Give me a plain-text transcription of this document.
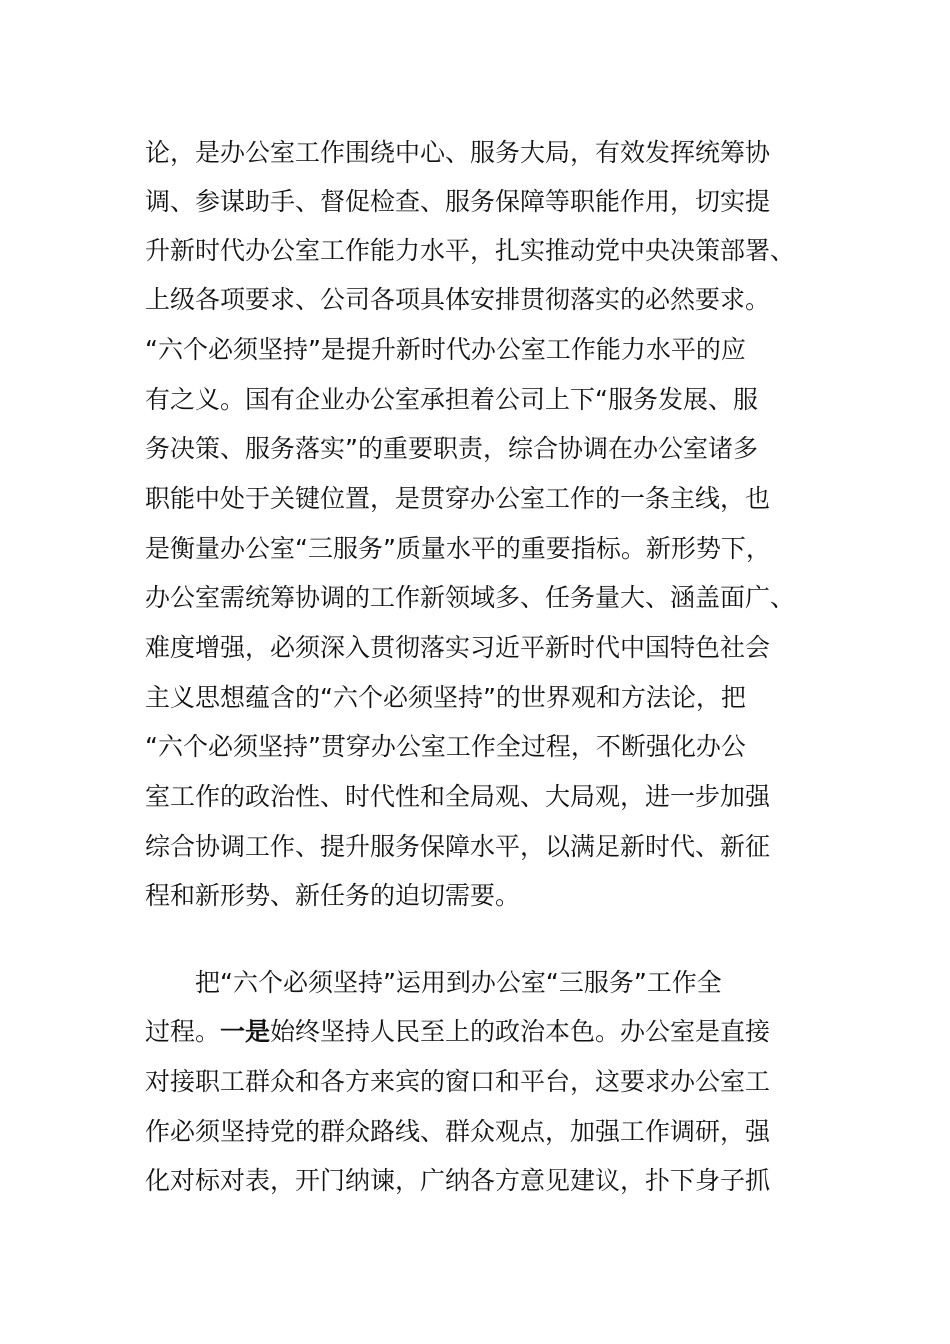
论，是办公室工作围绕中心、服务大局，有效发挥统筹协
调、参谋助手、督促检查、服务保障等职能作用，切实提
升新时代办公室工作能力水平，扎实推动党中央决策部署、
上级各项要求、公司各项具体安排贯彻落实的必然要求。
“六个必须坚持”是提升新时代办公室工作能力水平的应
有之义。国有企业办公室承担着公司上下“服务发展、服
务决策、服务落实”的重要职责，综合协调在办公室诸多
职能中处于关键位置，是贯穿办公室工作的一条主线，也
是衡量办公室“三服务”质量水平的重要指标。新形势下，
办公室需统筹协调的工作新领域多、任务量大、涵盖面广、
难度增强，必须深入贯彻落实习近平新时代中国特色社会
主义思想蕴含的“六个必须坚持”的世界观和方法论，把
“六个必须坚持”贯穿办公室工作全过程，不断强化办公
室工作的政治性、时代性和全局观、大局观，进一步加强
综合协调工作、提升服务保障水平，以满足新时代、新征
程和新形势、新任务的迫切需要。
把“六个必须坚持”运用到办公室“三服务”工作全
过程。一是始终坚持人民至上的政治本色。办公室是直接
对接职工群众和各方来宾的窗口和平台，这要求办公室工
作必须坚持党的群众路线、群众观点，加强工作调研，强
化对标对表，开门纳谏，广纳各方意见建议，扑下身子抓
